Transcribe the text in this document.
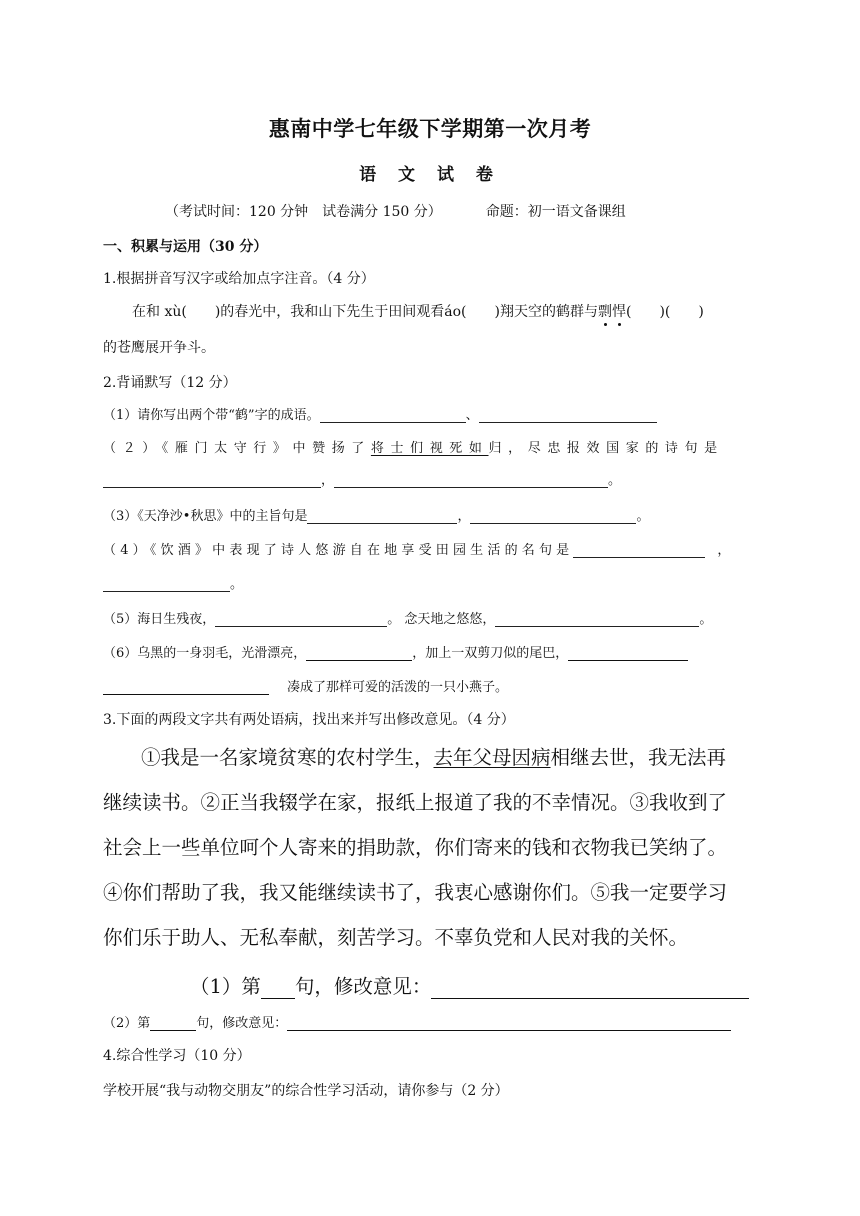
惠南中学七年级下学期第一次月考
语 文 试 卷
（考试时间：120 分钟　试卷满分 150 分）	命题：初一语文备课组
一、积累与运用（30 分）
1.根据拼音写汉字或给加点字注音。（4 分）
在和 xù(　　)的春光中，我和山下先生于田间观看áo(　　)翔天空的鹤群与剽悍(　　)(　　)
的苍鹰展开争斗。
2.背诵默写（12 分）
（1）请你写出两个带“鹤”字的成语。	、
（２）《雁门太守行》中赞扬了将士们视死如归，尽忠报效国家的诗句是
，	。
（3）《天净沙•秋思》中的主旨句是	，	。
（4）《饮酒》中表现了诗人悠游自在地享受田园生活的名句是	，
。
（5）海日生残夜，	。 念天地之悠悠，	。
（6）乌黑的一身羽毛，光滑漂亮，	，加上一双剪刀似的尾巴，
凑成了那样可爱的活泼的一只小燕子。
3.下面的两段文字共有两处语病，找出来并写出修改意见。（4 分）
①我是一名家境贫寒的农村学生，去年父母因病相继去世，我无法再
继续读书。②正当我辍学在家，报纸上报道了我的不幸情况。③我收到了
社会上一些单位呵个人寄来的捐助款，你们寄来的钱和衣物我已笑纳了。
④你们帮助了我，我又能继续读书了，我衷心感谢你们。⑤我一定要学习
你们乐于助人、无私奉献，刻苦学习。不辜负党和人民对我的关怀。
（1）第 句，修改意见：
（2）第	句，修改意见：
4.综合性学习（10 分）
学校开展“我与动物交朋友”的综合性学习活动，请你参与（2 分）
